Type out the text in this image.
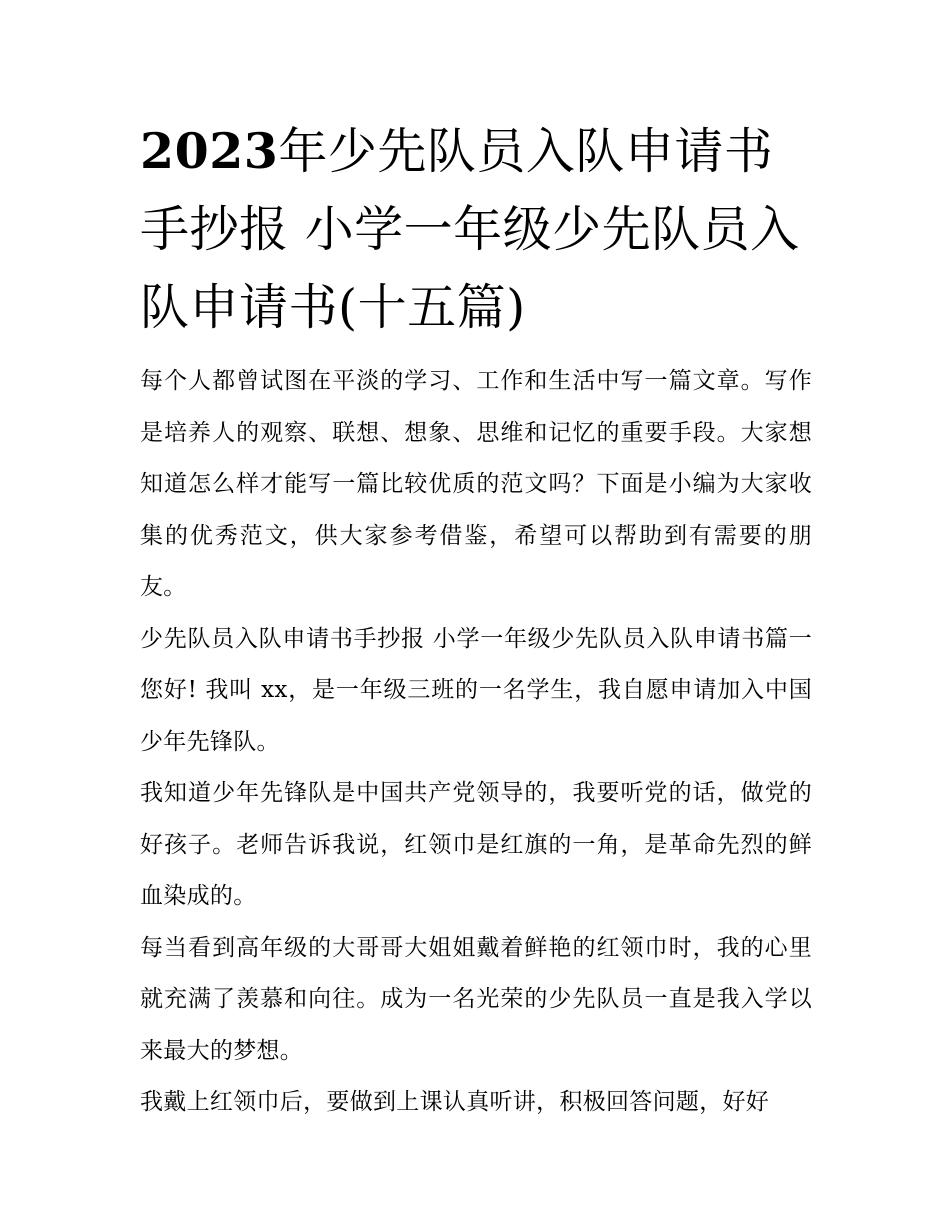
2023年少先队员入队申请书手抄报 小学一年级少先队员入队申请书(十五篇)

每个人都曾试图在平淡的学习、工作和生活中写一篇文章。写作是培养人的观察、联想、想象、思维和记忆的重要手段。大家想知道怎么样才能写一篇比较优质的范文吗？下面是小编为大家收集的优秀范文，供大家参考借鉴，希望可以帮助到有需要的朋友。

少先队员入队申请书手抄报 小学一年级少先队员入队申请书篇一 您好! 我叫 xx，是一年级三班的一名学生，我自愿申请加入中国少年先锋队。

我知道少年先锋队是中国共产党领导的，我要听党的话，做党的好孩子。老师告诉我说，红领巾是红旗的一角，是革命先烈的鲜血染成的。

每当看到高年级的大哥哥大姐姐戴着鲜艳的红领巾时，我的心里就充满了羡慕和向往。成为一名光荣的少先队员一直是我入学以来最大的梦想。

我戴上红领巾后，要做到上课认真听讲，积极回答问题，好好
